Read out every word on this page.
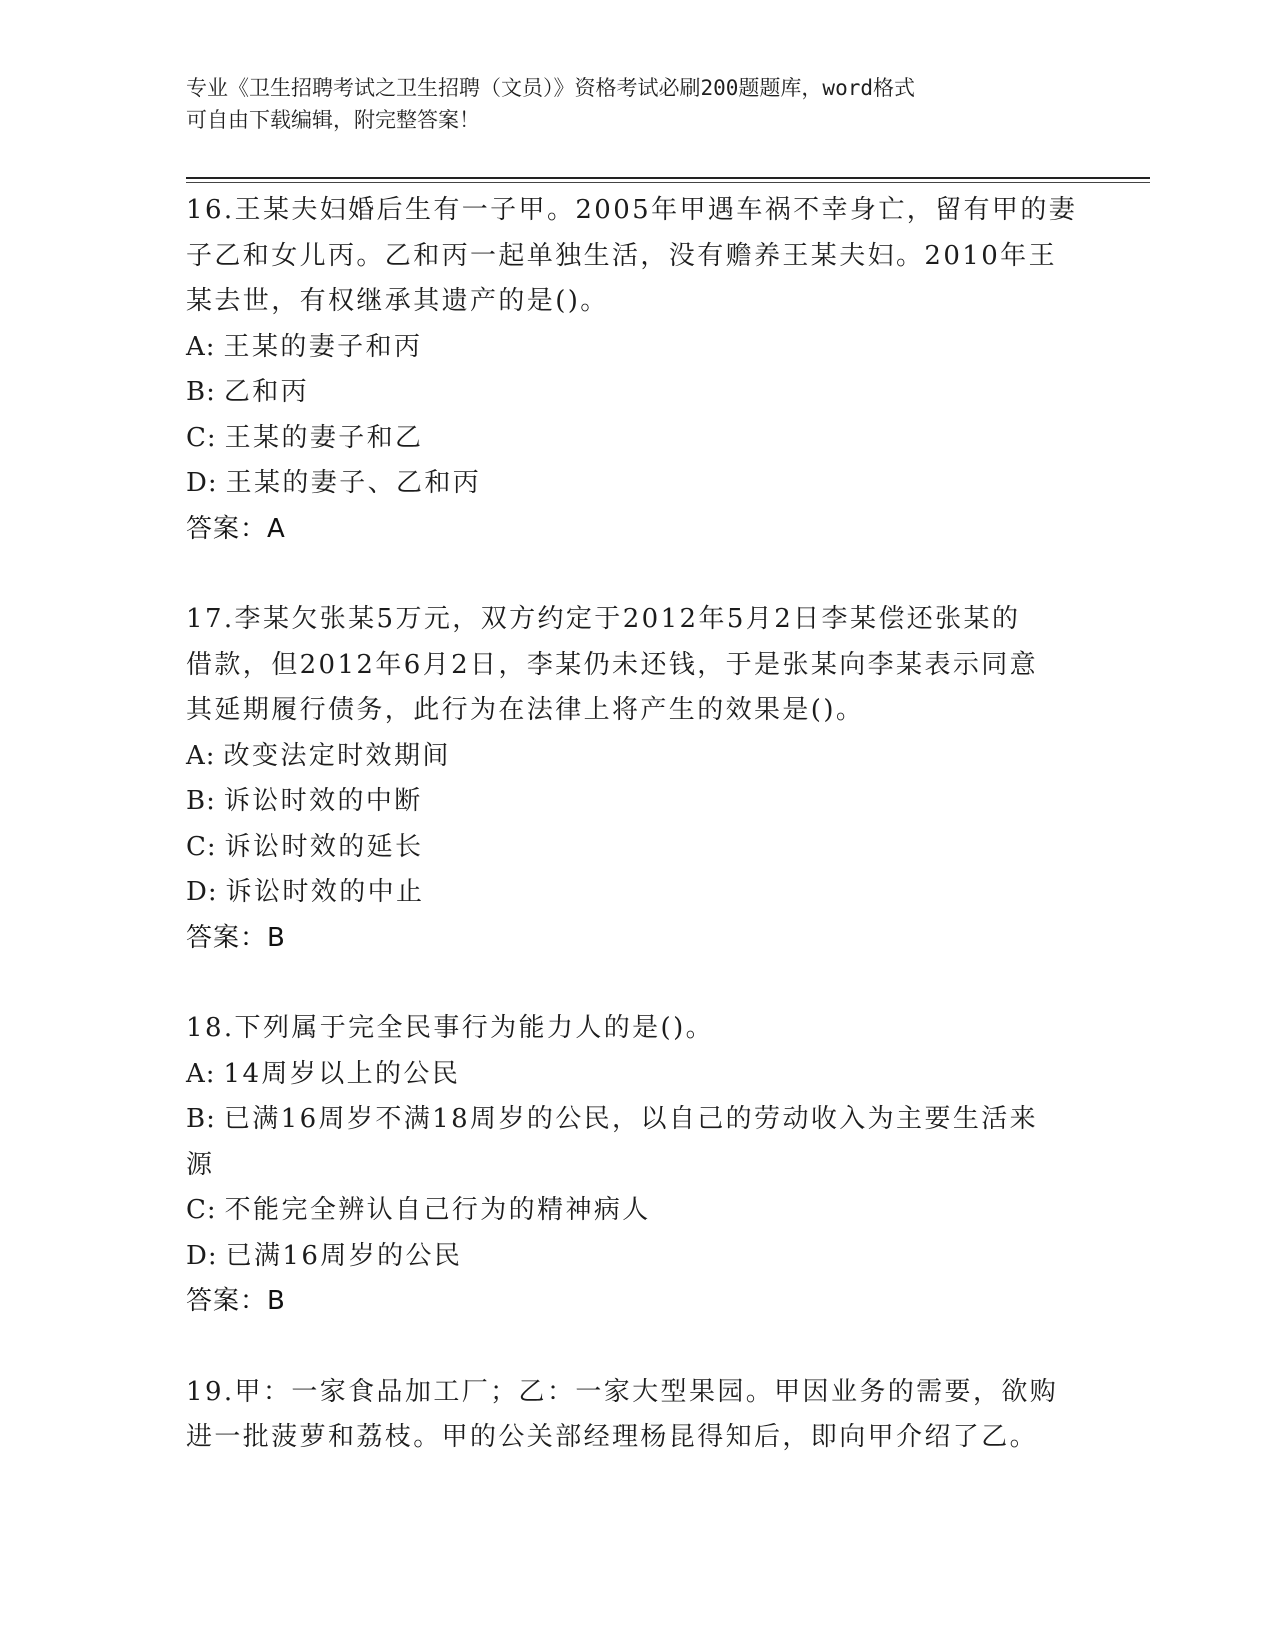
专业《卫生招聘考试之卫生招聘（文员）》资格考试必刷200题题库，word格式
可自由下载编辑，附完整答案！
16.王某夫妇婚后生有一子甲。2005年甲遇车祸不幸身亡，留有甲的妻
子乙和女儿丙。乙和丙一起单独生活，没有赡养王某夫妇。2010年王
某去世，有权继承其遗产的是()。
A: 王某的妻子和丙
B: 乙和丙
C: 王某的妻子和乙
D: 王某的妻子、乙和丙
答案：A
17.李某欠张某5万元，双方约定于2012年5月2日李某偿还张某的
借款，但2012年6月2日，李某仍未还钱，于是张某向李某表示同意
其延期履行债务，此行为在法律上将产生的效果是()。
A: 改变法定时效期间
B: 诉讼时效的中断
C: 诉讼时效的延长
D: 诉讼时效的中止
答案：B
18.下列属于完全民事行为能力人的是()。
A: 14周岁以上的公民
B: 已满16周岁不满18周岁的公民，以自己的劳动收入为主要生活来
源
C: 不能完全辨认自己行为的精神病人
D: 已满16周岁的公民
答案：B
19.甲：一家食品加工厂；乙：一家大型果园。甲因业务的需要，欲购
进一批菠萝和荔枝。甲的公关部经理杨昆得知后，即向甲介绍了乙。
